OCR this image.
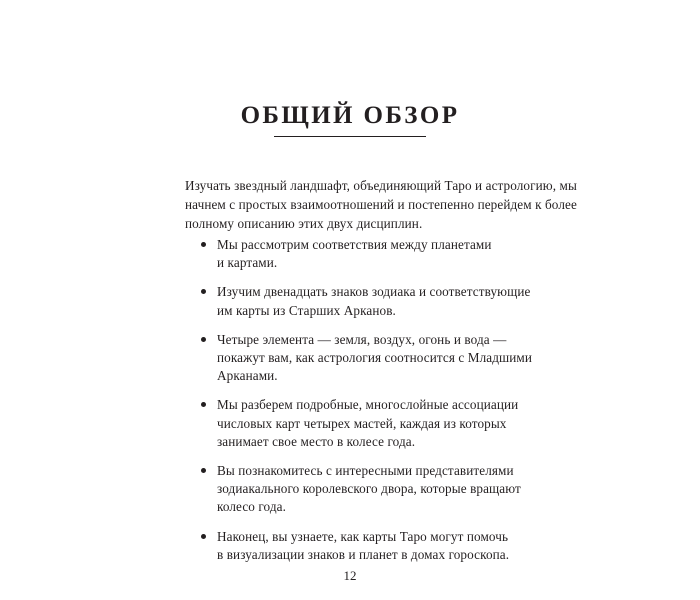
ОБЩИЙ ОБЗОР

Изучать звездный ландшафт, объединяющий Таро и астрологию, мы
начнем с простых взаимоотношений и постепенно перейдем к более
полному описанию этих двух дисциплин.

Мы рассмотрим соответствия между планетами
и картами.
Изучим двенадцать знаков зодиака и соответствующие
им карты из Старших Арканов.
Четыре элемента — земля, воздух, огонь и вода —
покажут вам, как астрология соотносится с Младшими
Арканами.
Мы разберем подробные, многослойные ассоциации
числовых карт четырех мастей, каждая из которых
занимает свое место в колесе года.
Вы познакомитесь с интересными представителями
зодиакального королевского двора, которые вращают
колесо года.
Наконец, вы узнаете, как карты Таро могут помочь
в визуализации знаков и планет в домах гороскопа.
12
